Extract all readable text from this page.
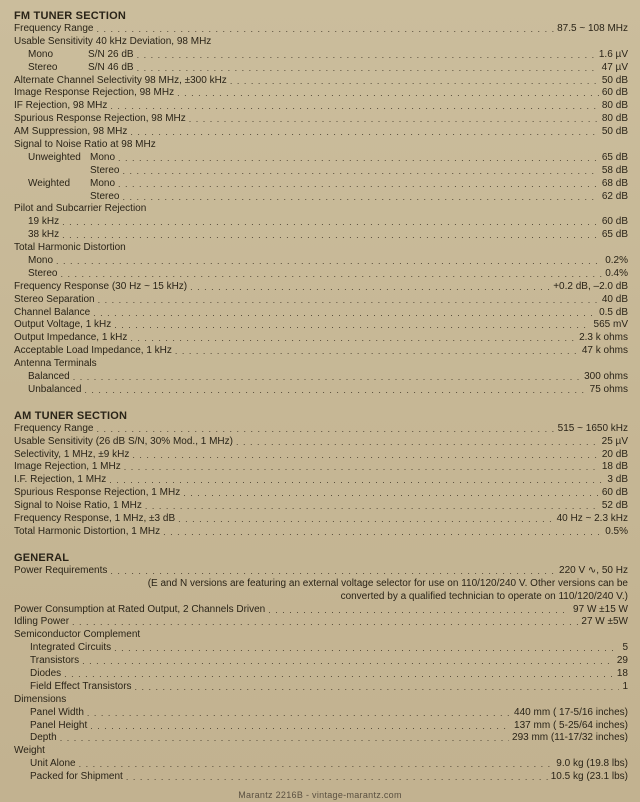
FM TUNER SECTION
Frequency Range . . .	87.5 ~ 108 MHz
Usable Sensitivity 40 kHz Deviation, 98 MHz
Mono	S/N 26 dB . . .	1.6 µV
Stereo	S/N 46 dB . . .	47 µV
Alternate Channel Selectivity 98 MHz, ±300 kHz . . .	50 dB
Image Response Rejection, 98 MHz . . .	60 dB
IF Rejection, 98 MHz . . .	80 dB
Spurious Response Rejection, 98 MHz . . .	80 dB
AM Suppression, 98 MHz . . .	50 dB
Signal to Noise Ratio at 98 MHz
Unweighted Mono . . .	65 dB
Stereo . . .	58 dB
Weighted Mono . . .	68 dB
Stereo . . .	62 dB
Pilot and Subcarrier Rejection
19 kHz . . .	60 dB
38 kHz . . .	65 dB
Total Harmonic Distortion
Mono . . .	0.2%
Stereo . . .	0.4%
Frequency Response (30 Hz ~ 15 kHz) . . .	+0.2 dB, –2.0 dB
Stereo Separation . . .	40 dB
Channel Balance . . .	0.5 dB
Output Voltage, 1 kHz . . .	565 mV
Output Impedance, 1 kHz . . .	2.3 k ohms
Acceptable Load Impedance, 1 kHz . . .	47 k ohms
Antenna Terminals
Balanced . . .	300 ohms
Unbalanced . . .	75 ohms
AM TUNER SECTION
Frequency Range . . .	515 ~ 1650 kHz
Usable Sensitivity (26 dB S/N, 30% Mod., 1 MHz) . . .	25 µV
Selectivity, 1 MHz, ±9 kHz . . .	20 dB
Image Rejection, 1 MHz . . .	18 dB
I.F. Rejection, 1 MHz . . .	3 dB
Spurious Response Rejection, 1 MHz . . .	60 dB
Signal to Noise Ratio, 1 MHz . . .	52 dB
Frequency Response, 1 MHz, ±3 dB . . .	40 Hz ~ 2.3 kHz
Total Harmonic Distortion, 1 MHz . . .	0.5%
GENERAL
Power Requirements . . .	220 V ∿, 50 Hz
(E and N versions are featuring an external voltage selector for use on 110/120/240 V. Other versions can be
converted by a qualified technician to operate on 110/120/240 V.)
Power Consumption at Rated Output, 2 Channels Driven . . .	97 W ±15 W
Idling Power . . .	27 W ±5W
Semiconductor Complement
Integrated Circuits . . .	5
Transistors . . .	29
Diodes . . .	18
Field Effect Transistors . . .	1
Dimensions
Panel Width . . .	440 mm ( 17-5/16 inches)
Panel Height . . .	137 mm ( 5-25/64 inches)
Depth . . .	293 mm (11-17/32 inches)
Weight
Unit Alone . . .	9.0 kg (19.8 lbs)
Packed for Shipment . . .	10.5 kg (23.1 lbs)
Marantz 2216B - vintage-marantz.com
